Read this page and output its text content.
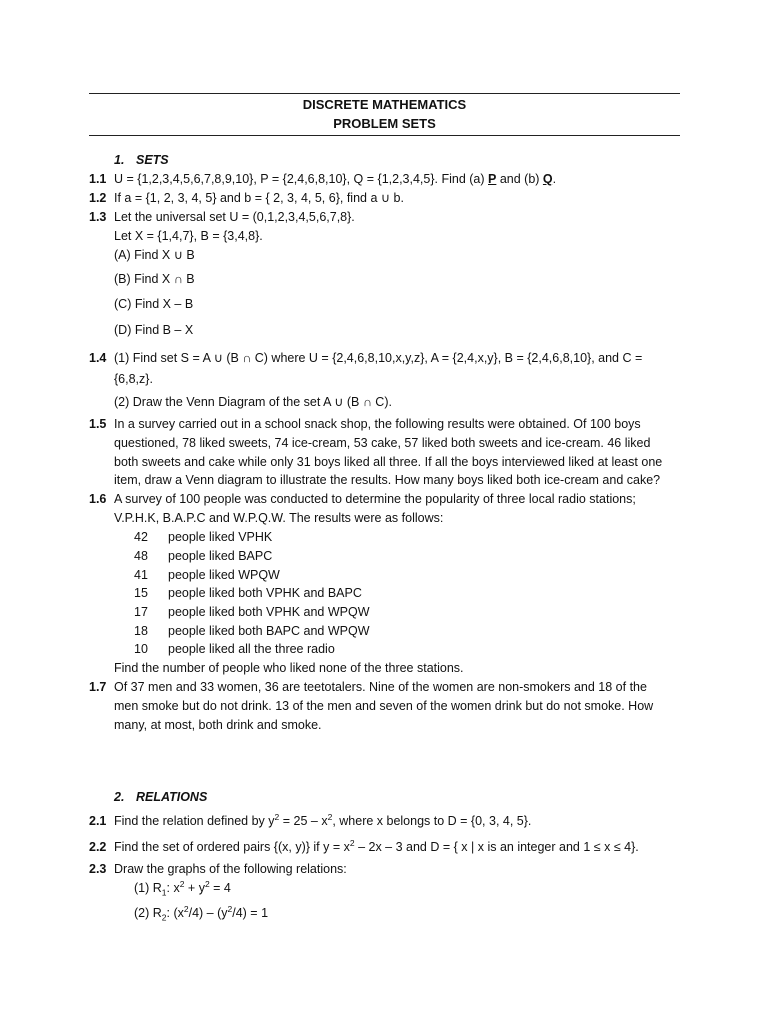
DISCRETE MATHEMATICS
PROBLEM SETS
1. SETS
1.1 U = {1,2,3,4,5,6,7,8,9,10}, P = {2,4,6,8,10}, Q = {1,2,3,4,5}. Find (a) P and (b) Q.
1.2 If a = {1, 2, 3, 4, 5} and b = { 2, 3, 4, 5, 6}, find a ∪ b.
1.3 Let the universal set U = (0,1,2,3,4,5,6,7,8}.
Let X = {1,4,7}, B = {3,4,8}.
(A) Find X ∪ B
(B) Find X ∩ B
(C) Find X – B
(D) Find B – X
1.4 (1) Find set S = A ∪ (B ∩ C) where U = {2,4,6,8,10,x,y,z}, A = {2,4,x,y}, B = {2,4,6,8,10}, and C =
{6,8,z}.
(2) Draw the Venn Diagram of the set A ∪ (B ∩ C).
1.5 In a survey carried out in a school snack shop, the following results were obtained. Of 100 boys
questioned, 78 liked sweets, 74 ice-cream, 53 cake, 57 liked both sweets and ice-cream. 46 liked
both sweets and cake while only 31 boys liked all three. If all the boys interviewed liked at least one
item, draw a Venn diagram to illustrate the results. How many boys liked both ice-cream and cake?
1.6 A survey of 100 people was conducted to determine the popularity of three local radio stations;
V.P.H.K, B.A.P.C and W.P.Q.W. The results were as follows:
42 people liked VPHK
48 people liked BAPC
41 people liked WPQW
15 people liked both VPHK and BAPC
17 people liked both VPHK and WPQW
18 people liked both BAPC and WPQW
10 people liked all the three radio
Find the number of people who liked none of the three stations.
1.7 Of 37 men and 33 women, 36 are teetotalers. Nine of the women are non-smokers and 18 of the
men smoke but do not drink. 13 of the men and seven of the women drink but do not smoke. How
many, at most, both drink and smoke.
2. RELATIONS
2.1 Find the relation defined by $y^2 = 25 - x^2$, where x belongs to D = {0, 3, 4, 5}.
2.2 Find the set of ordered pairs {(x, y)} if $y = x^2 - 2x - 3$ and D = { x | x is an integer and 1 ≤ x ≤ 4}.
2.3 Draw the graphs of the following relations:
(1) $R_1$: $x^2 + y^2 = 4$
(2) $R_2$: $(x^2/4) - (y^2/4) = 1$
